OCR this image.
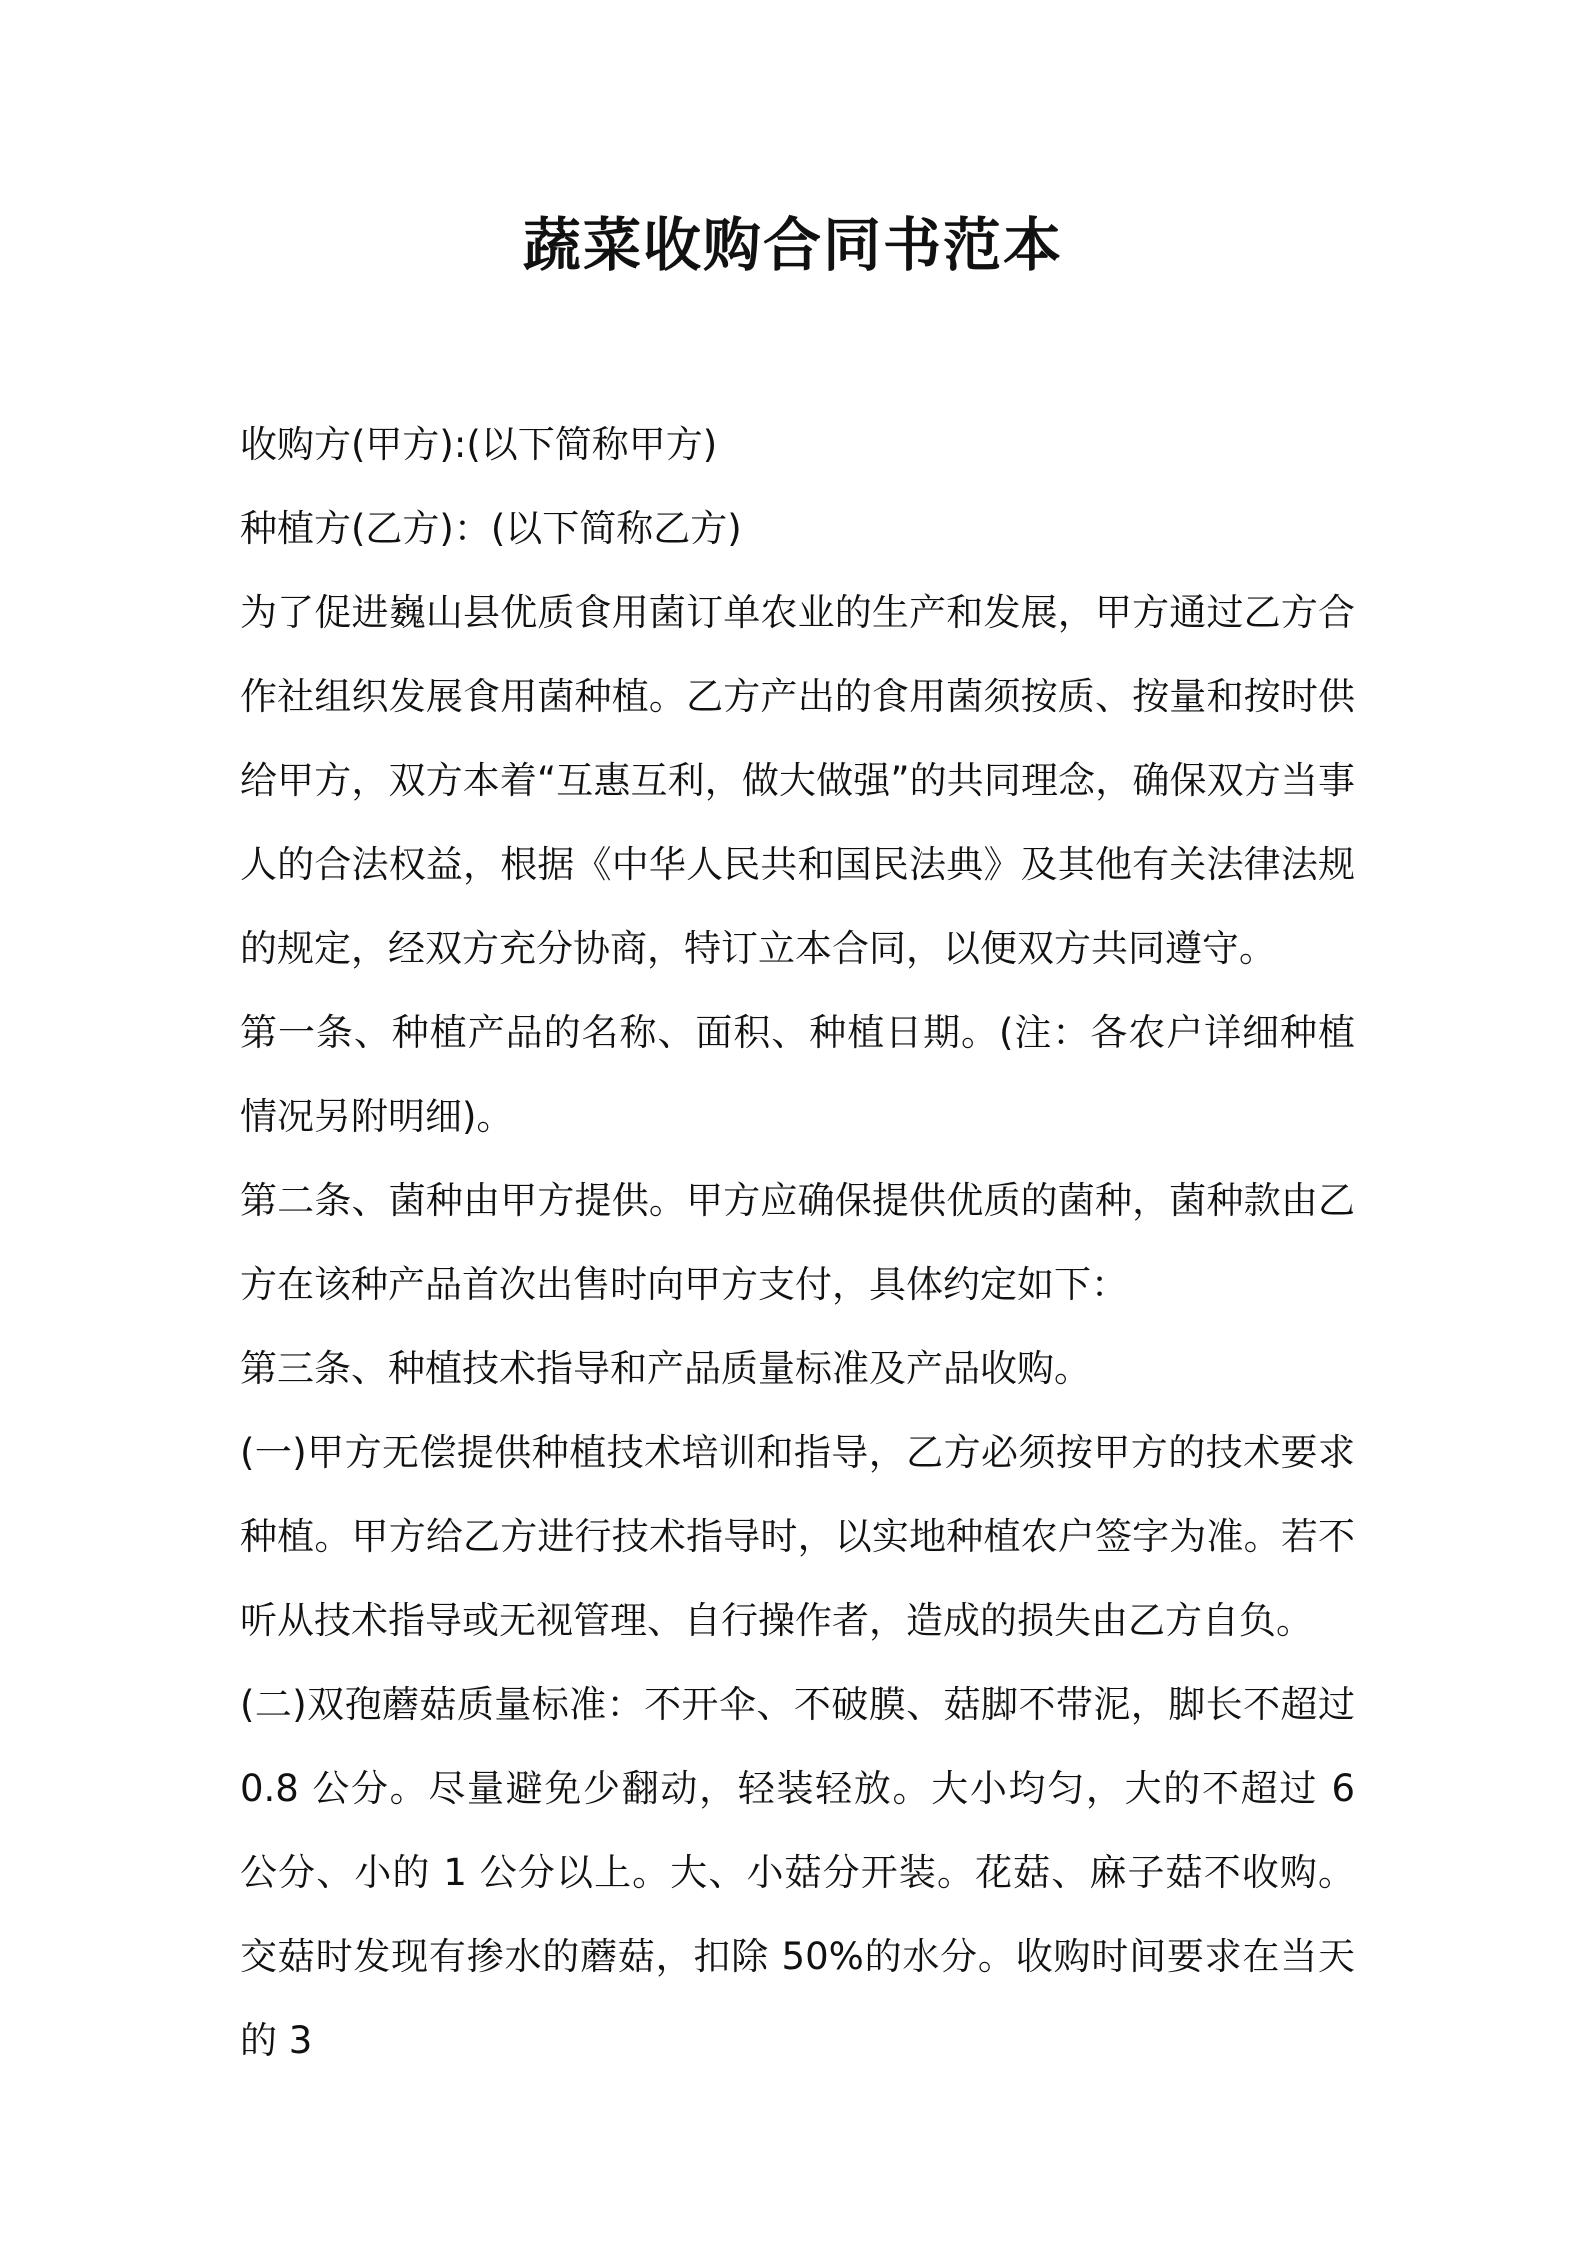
蔬菜收购合同书范本

收购方(甲方):(以下简称甲方)

种植方(乙方)：(以下简称乙方)

为了促进巍山县优质食用菌订单农业的生产和发展，甲方通过乙方合作社组织发展食用菌种植。乙方产出的食用菌须按质、按量和按时供给甲方，双方本着“互惠互利，做大做强”的共同理念，确保双方当事人的合法权益，根据《中华人民共和国民法典》及其他有关法律法规的规定，经双方充分协商，特订立本合同，以便双方共同遵守。

第一条、种植产品的名称、面积、种植日期。(注：各农户详细种植情况另附明细)。

第二条、菌种由甲方提供。甲方应确保提供优质的菌种，菌种款由乙方在该种产品首次出售时向甲方支付，具体约定如下：

第三条、种植技术指导和产品质量标准及产品收购。

(一)甲方无偿提供种植技术培训和指导，乙方必须按甲方的技术要求种植。甲方给乙方进行技术指导时，以实地种植农户签字为准。若不听从技术指导或无视管理、自行操作者，造成的损失由乙方自负。

(二)双孢蘑菇质量标准：不开伞、不破膜、菇脚不带泥，脚长不超过 0.8 公分。尽量避免少翻动，轻装轻放。大小均匀，大的不超过 6 公分、小的 1 公分以上。大、小菇分开装。花菇、麻子菇不收购。交菇时发现有掺水的蘑菇，扣除 50%的水分。收购时间要求在当天的 3
